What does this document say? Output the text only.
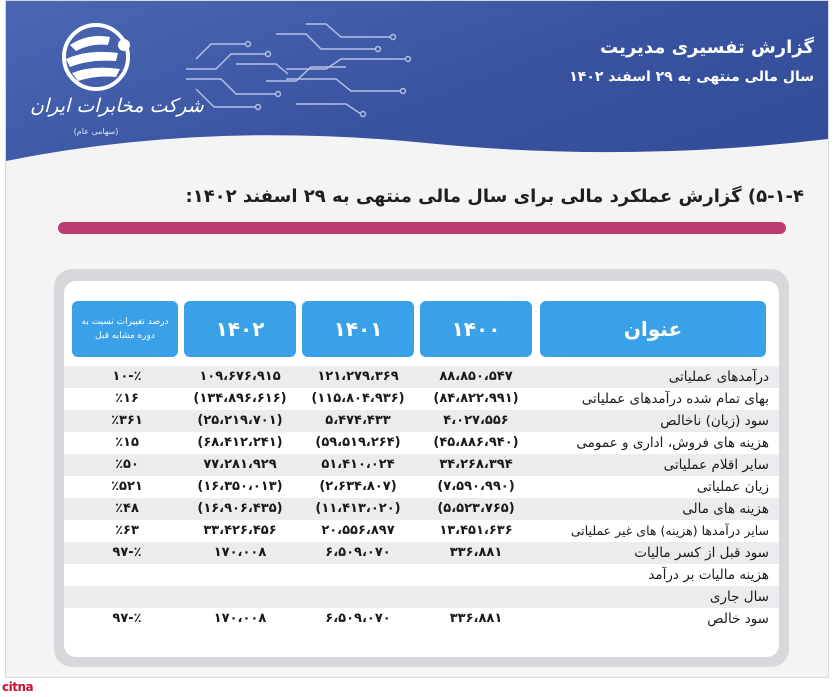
شرکت مخابرات ایران
(سهامی عام)
گزارش تفسیری مدیریت
سال مالی منتهی به ۲۹ اسفند ۱۴۰۲
۵-۱-۴) گزارش عملکرد مالی برای سال مالی منتهی به ۲۹ اسفند ۱۴۰۲:
عنوان
۱۴۰۰
۱۴۰۱
۱۴۰۲
درصد تغییرات نسبت به دوره مشابه قبل
درآمدهای عملیاتی
۸۸،۸۵۰،۵۴۷
۱۲۱،۲۷۹،۳۶۹
۱۰۹،۶۷۶،۹۱۵
٪-۱۰
بهای تمام شده درآمدهای عملیاتی
(۸۴،۸۲۲،۹۹۱)
(۱۱۵،۸۰۴،۹۳۶)
(۱۳۴،۸۹۶،۶۱۶)
٪۱۶
سود (زیان) ناخالص
۴،۰۲۷،۵۵۶
۵،۴۷۴،۴۳۳
(۲۵،۲۱۹،۷۰۱)
٪۳۶۱
هزینه های فروش، اداری و عمومی
(۴۵،۸۸۶،۹۴۰)
(۵۹،۵۱۹،۲۶۴)
(۶۸،۴۱۲،۲۴۱)
٪۱۵
سایر اقلام عملیاتی
۳۴،۲۶۸،۳۹۴
۵۱،۴۱۰،۰۲۴
۷۷،۲۸۱،۹۲۹
٪۵۰
زیان عملیاتی
(۷،۵۹۰،۹۹۰)
(۲،۶۳۴،۸۰۷)
(۱۶،۳۵۰،۰۱۳)
٪۵۲۱
هزینه های مالی
(۵،۵۲۳،۷۶۵)
(۱۱،۴۱۳،۰۲۰)
(۱۶،۹۰۶،۴۳۵)
٪۴۸
سایر درآمدها (هزینه) های غیر عملیاتی
۱۳،۴۵۱،۶۳۶
۲۰،۵۵۶،۸۹۷
۳۳،۴۲۶،۴۵۶
٪۶۳
سود قبل از کسر مالیات
۳۳۶،۸۸۱
۶،۵۰۹،۰۷۰
۱۷۰،۰۰۸
٪-۹۷
هزینه مالیات بر درآمد
سال جاری
سود خالص
۳۳۶،۸۸۱
۶،۵۰۹،۰۷۰
۱۷۰،۰۰۸
٪-۹۷
citna
